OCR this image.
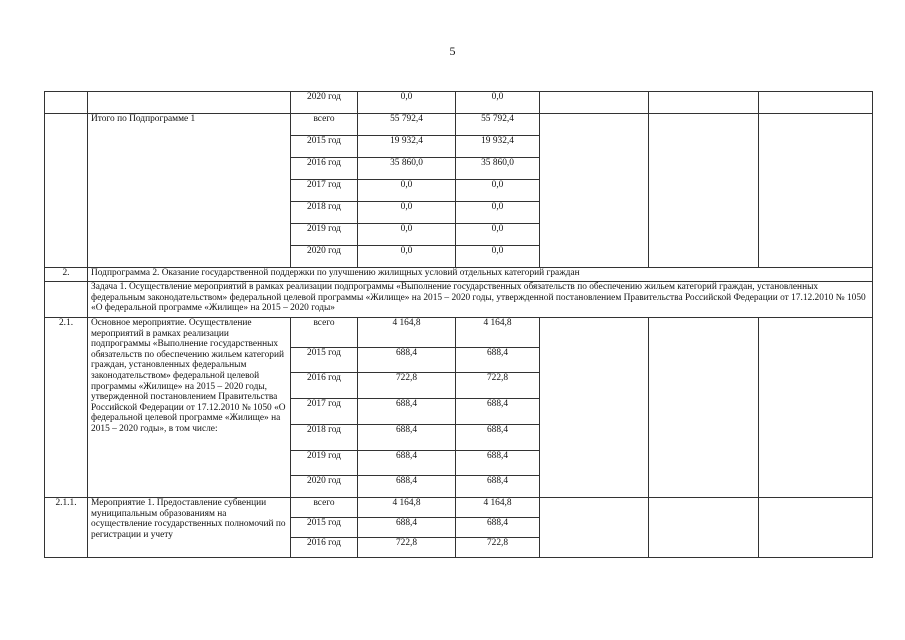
5
		2020 год	0,0	0,0			
	Итого по Подпрограмме 1	всего	55 792,4	55 792,4			
		2015 год	19 932,4	19 932,4			
		2016 год	35 860,0	35 860,0			
		2017 год	0,0	0,0			
		2018 год	0,0	0,0			
		2019 год	0,0	0,0			
		2020 год	0,0	0,0			
2.	Подпрограмма 2. Оказание государственной поддержки по улучшению жилищных условий отдельных категорий граждан						
	Задача 1. Осуществление мероприятий в рамках реализации подпрограммы «Выполнение государственных обязательств по обеспечению жильем категорий граждан, установленных федеральным законодательством» федеральной целевой программы «Жилище» на 2015 – 2020 годы, утвержденной постановлением Правительства Российской Федерации от 17.12.2010 № 1050 «О федеральной программе «Жилище» на 2015 – 2020 годы»						
2.1.	Основное мероприятие. Осуществление мероприятий в рамках реализации подпрограммы «Выполнение государственных обязательств по обеспечению жильем категорий граждан, установленных федеральным законодательством» федеральной целевой программы «Жилище» на 2015 – 2020 годы, утвержденной постановлением Правительства Российской Федерации от 17.12.2010 № 1050 «О федеральной целевой программе «Жилище» на 2015 – 2020 годы», в том числе:	всего	4 164,8	4 164,8			
		2015 год	688,4	688,4			
		2016 год	722,8	722,8			
		2017 год	688,4	688,4			
		2018 год	688,4	688,4			
		2019 год	688,4	688,4			
		2020 год	688,4	688,4			
2.1.1.	Мероприятие 1. Предоставление субвенции муниципальным образованиям на осуществление государственных полномочий по регистрации и учету	всего	4 164,8	4 164,8			
		2015 год	688,4	688,4			
		2016 год	722,8	722,8			
